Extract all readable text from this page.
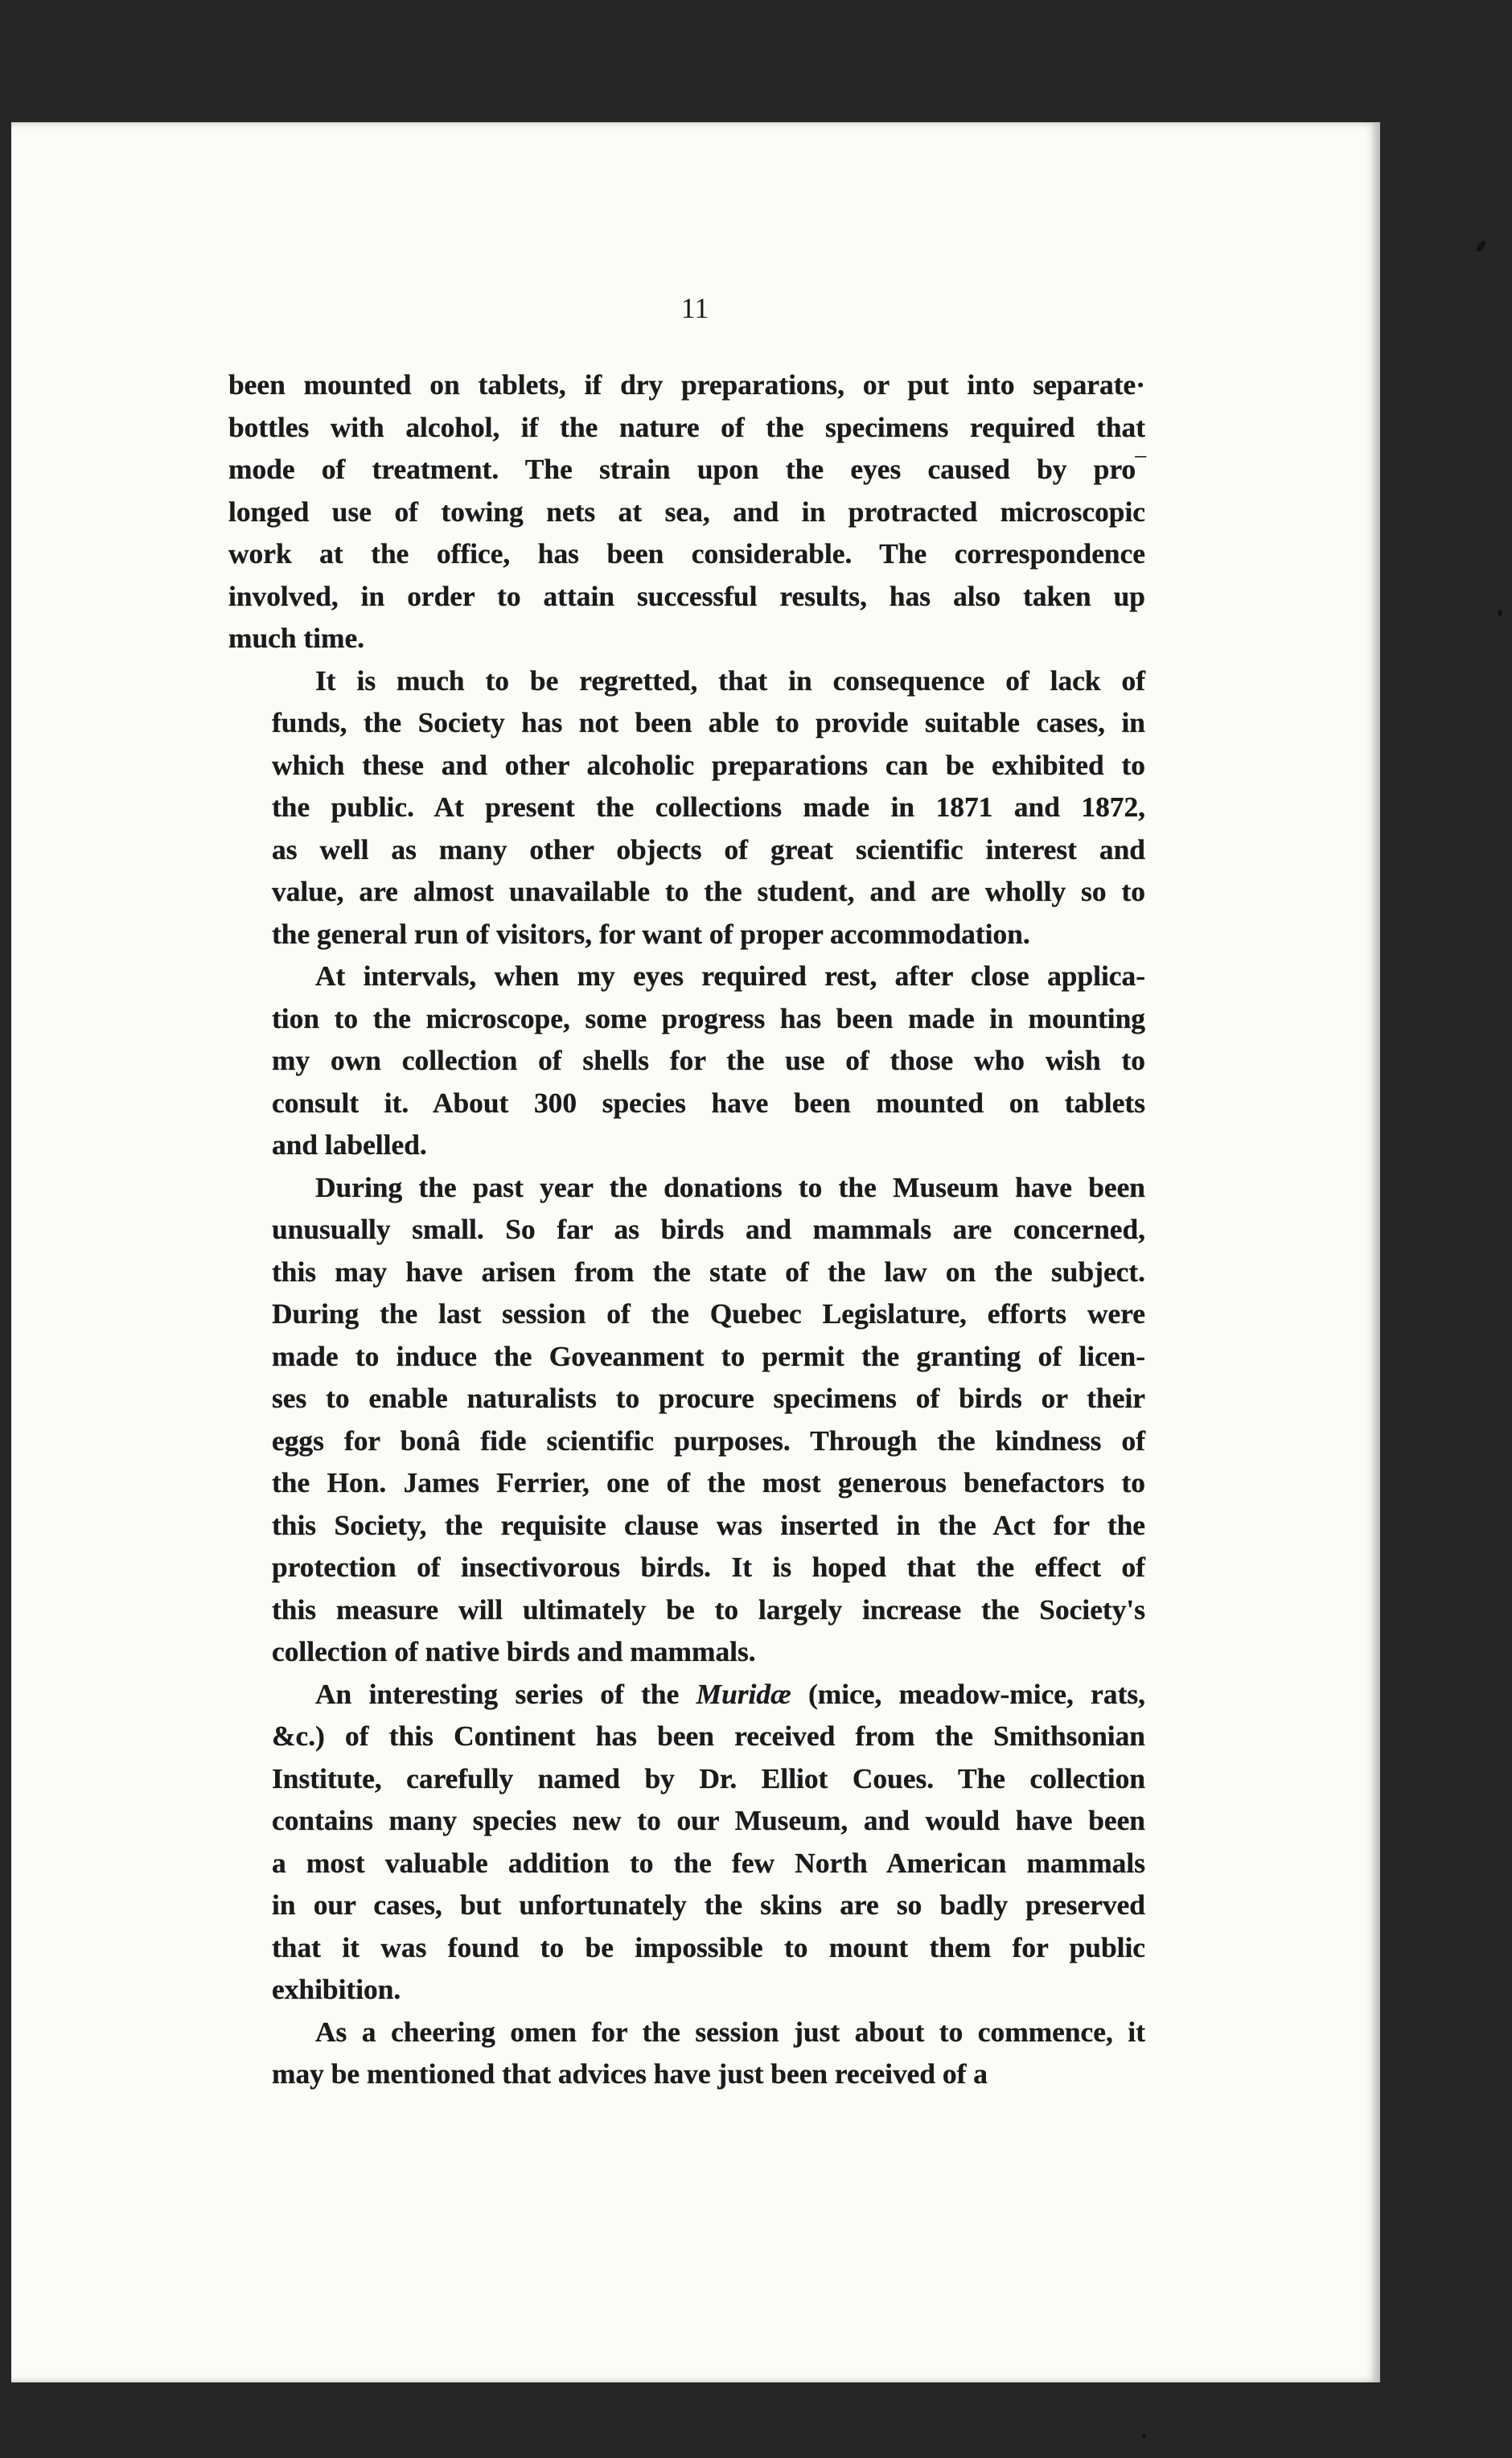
11
been mounted on tablets, if dry preparations, or put into separate·
bottles with alcohol, if the nature of the specimens required that
mode of treatment. The strain upon the eyes caused by pro‾
longed use of towing nets at sea, and in protracted microscopic
work at the office, has been considerable. The correspondence
involved, in order to attain successful results, has also taken up
much time.
It is much to be regretted, that in consequence of lack of
funds, the Society has not been able to provide suitable cases, in
which these and other alcoholic preparations can be exhibited to
the public. At present the collections made in 1871 and 1872,
as well as many other objects of great scientific interest and
value, are almost unavailable to the student, and are wholly so to
the general run of visitors, for want of proper accommodation.
At intervals, when my eyes required rest, after close applica-
tion to the microscope, some progress has been made in mounting
my own collection of shells for the use of those who wish to
consult it. About 300 species have been mounted on tablets
and labelled.
During the past year the donations to the Museum have been
unusually small. So far as birds and mammals are concerned,
this may have arisen from the state of the law on the subject.
During the last session of the Quebec Legislature, efforts were
made to induce the Goveanment to permit the granting of licen-
ses to enable naturalists to procure specimens of birds or their
eggs for bonâ fide scientific purposes. Through the kindness of
the Hon. James Ferrier, one of the most generous benefactors to
this Society, the requisite clause was inserted in the Act for the
protection of insectivorous birds. It is hoped that the effect of
this measure will ultimately be to largely increase the Society's
collection of native birds and mammals.
An interesting series of the Muridæ (mice, meadow-mice, rats,
&c.) of this Continent has been received from the Smithsonian
Institute, carefully named by Dr. Elliot Coues. The collection
contains many species new to our Museum, and would have been
a most valuable addition to the few North American mammals
in our cases, but unfortunately the skins are so badly preserved
that it was found to be impossible to mount them for public
exhibition.
As a cheering omen for the session just about to commence, it
may be mentioned that advices have just been received of a
